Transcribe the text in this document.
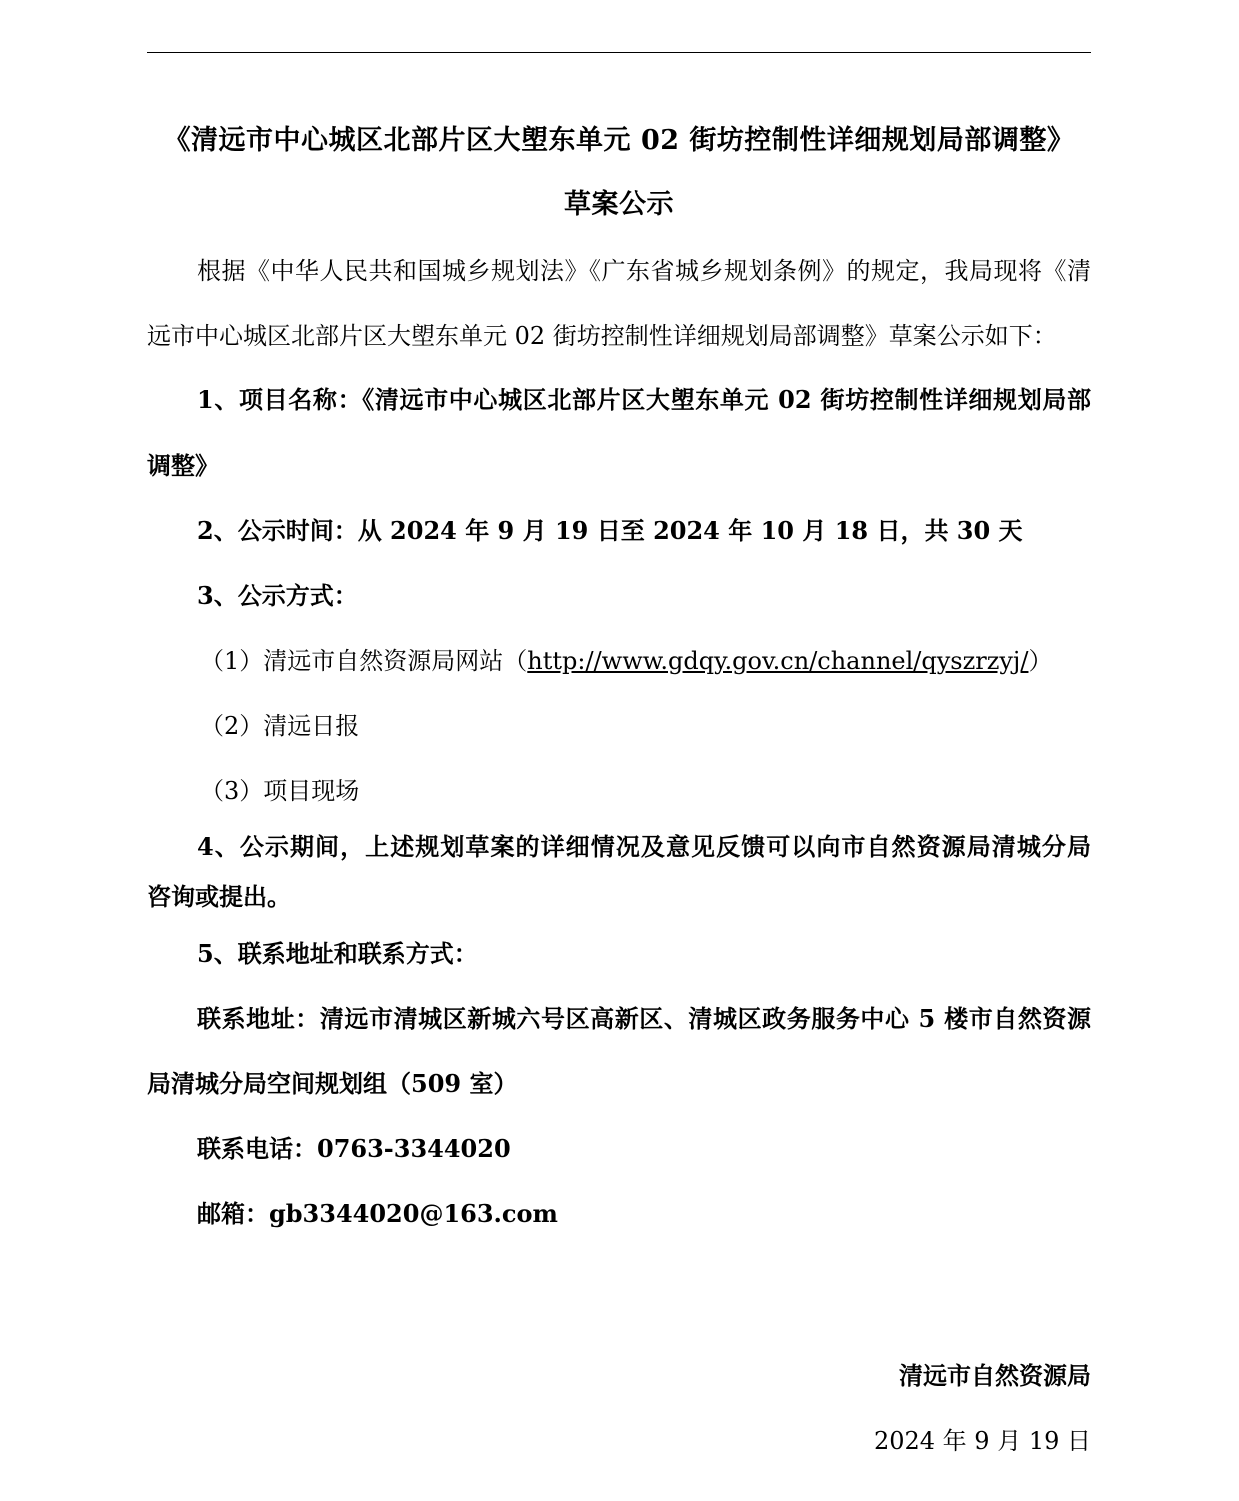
《清远市中心城区北部片区大塱东单元 02 街坊控制性详细规划局部调整》
草案公示
根据《中华人民共和国城乡规划法》《广东省城乡规划条例》的规定，我局现将《清
远市中心城区北部片区大塱东单元 02 街坊控制性详细规划局部调整》草案公示如下：
1、项目名称：《清远市中心城区北部片区大塱东单元 02 街坊控制性详细规划局部
调整》
2、公示时间：从 2024 年 9 月 19 日至 2024 年 10 月 18 日，共 30 天
3、公示方式：
（1）清远市自然资源局网站（http://www.gdqy.gov.cn/channel/qyszrzyj/）
（2）清远日报
（3）项目现场
4、公示期间，上述规划草案的详细情况及意见反馈可以向市自然资源局清城分局
咨询或提出。
5、联系地址和联系方式：
联系地址：清远市清城区新城六号区高新区、清城区政务服务中心 5 楼市自然资源
局清城分局空间规划组（509 室）
联系电话：0763-3344020
邮箱：gb3344020@163.com
清远市自然资源局
2024 年 9 月 19 日
